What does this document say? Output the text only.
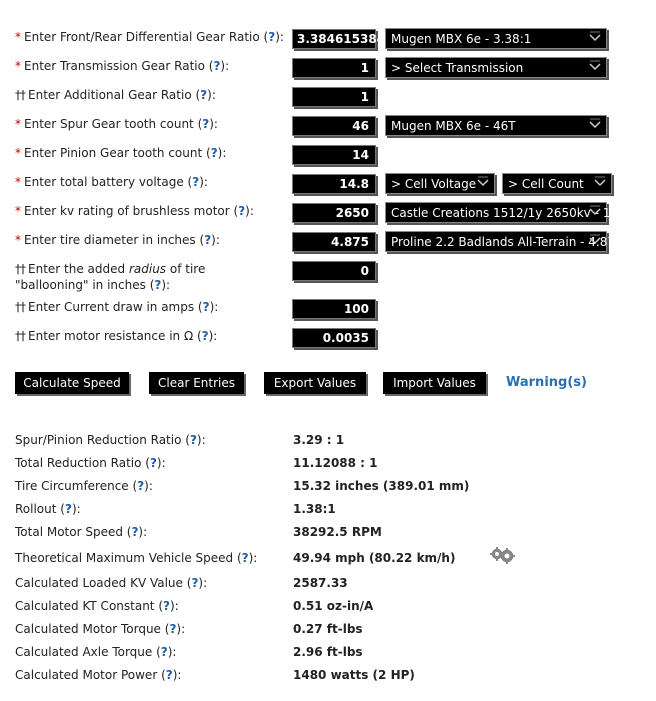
* Enter Front/Rear Differential Gear Ratio (?):	3.384615384 Mugen MBX 6e - 3.38:1
* Enter Transmission Gear Ratio (?):	1	> Select Transmission
†† Enter Additional Gear Ratio (?):	1
* Enter Spur Gear tooth count (?):	46	Mugen MBX 6e - 46T
* Enter Pinion Gear tooth count (?):	14
* Enter total battery voltage (?):	14.8	> Cell Voltage	> Cell Count
* Enter kv rating of brushless motor (?):	2650	Castle Creations 1512/1y 2650kv - 1
* Enter tire diameter in inches (?):	4.875	Proline 2.2 Badlands All-Terrain - 4.875
†† Enter the added radius of tire
"ballooning" in inches (?):
0
†† Enter Current draw in amps (?):	100
†† Enter motor resistance in Ω (?):	0.0035
Calculate Speed	Clear Entries	Export Values	Import Values	Warning(s)
Spur/Pinion Reduction Ratio (?):	3.29 : 1
Total Reduction Ratio (?):	11.12088 : 1
Tire Circumference (?):	15.32 inches (389.01 mm)
Rollout (?):	1.38:1
Total Motor Speed (?):	38292.5 RPM
Theoretical Maximum Vehicle Speed (?):	49.94 mph (80.22 km/h)
Calculated Loaded KV Value (?):	2587.33
Calculated KT Constant (?):	0.51 oz-in/A
Calculated Motor Torque (?):	0.27 ft-lbs
Calculated Axle Torque (?):	2.96 ft-lbs
Calculated Motor Power (?):	1480 watts (2 HP)
